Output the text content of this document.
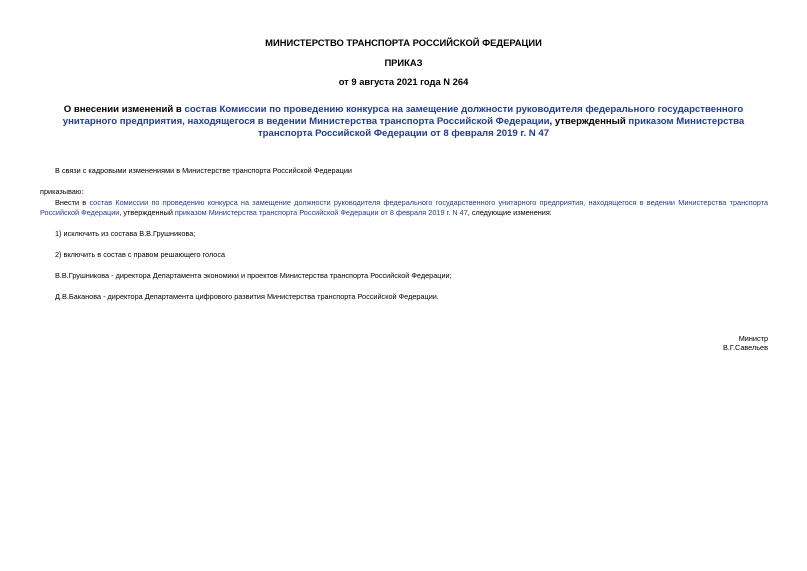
МИНИСТЕРСТВО ТРАНСПОРТА РОССИЙСКОЙ ФЕДЕРАЦИИ
ПРИКАЗ
от 9 августа 2021 года N 264
О внесении изменений в состав Комиссии по проведению конкурса на замещение должности руководителя федерального государственного унитарного предприятия, находящегося в ведении Министерства транспорта Российской Федерации, утвержденный приказом Министерства транспорта Российской Федерации от 8 февраля 2019 г. N 47
В связи с кадровыми изменениями в Министерстве транспорта Российской Федерации
приказываю:
Внести в состав Комиссии по проведению конкурса на замещение должности руководителя федерального государственного унитарного предприятия, находящегося в ведении Министерства транспорта Российской Федерации, утвержденный приказом Министерства транспорта Российской Федерации от 8 февраля 2019 г. N 47, следующие изменения:
1) исключить из состава В.В.Грушникова;
2) включить в состав с правом решающего голоса
В.В.Грушникова - директора Департамента экономики и проектов Министерства транспорта Российской Федерации;
Д.В.Баканова - директора Департамента цифрового развития Министерства транспорта Российской Федерации.
Министр
В.Г.Савельев
